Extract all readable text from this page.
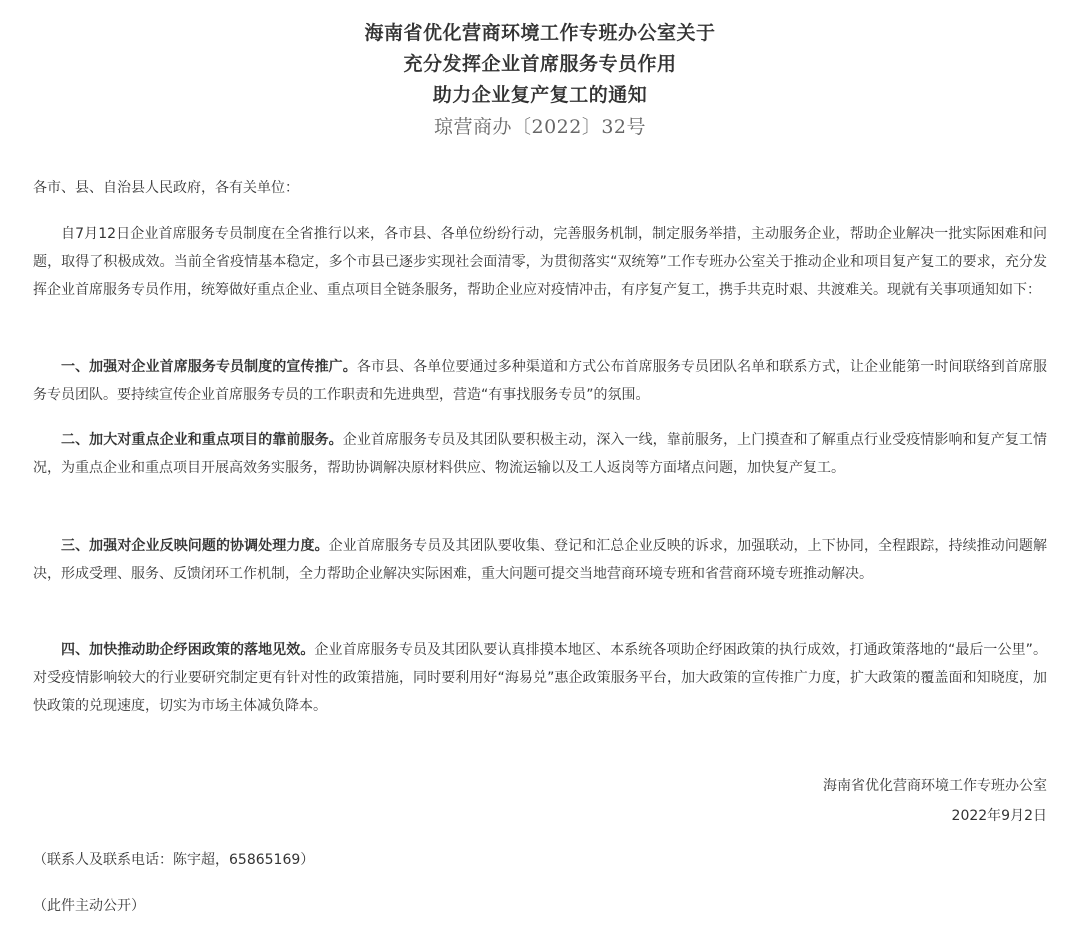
海南省优化营商环境工作专班办公室关于
充分发挥企业首席服务专员作用
助力企业复产复工的通知
琼营商办〔2022〕32号
各市、县、自治县人民政府，各有关单位：

自7月12日企业首席服务专员制度在全省推行以来，各市县、各单位纷纷行动，完善服务机制，制定服务举措，主动服务企业，帮助企业解决一批实际困难和问题，取得了积极成效。当前全省疫情基本稳定，多个市县已逐步实现社会面清零，为贯彻落实“双统筹”工作专班办公室关于推动企业和项目复产复工的要求，充分发挥企业首席服务专员作用，统筹做好重点企业、重点项目全链条服务，帮助企业应对疫情冲击，有序复产复工，携手共克时艰、共渡难关。现就有关事项通知如下：

一、加强对企业首席服务专员制度的宣传推广。各市县、各单位要通过多种渠道和方式公布首席服务专员团队名单和联系方式，让企业能第一时间联络到首席服务专员团队。要持续宣传企业首席服务专员的工作职责和先进典型，营造“有事找服务专员”的氛围。

二、加大对重点企业和重点项目的靠前服务。企业首席服务专员及其团队要积极主动，深入一线，靠前服务，上门摸查和了解重点行业受疫情影响和复产复工情况，为重点企业和重点项目开展高效务实服务，帮助协调解决原材料供应、物流运输以及工人返岗等方面堵点问题，加快复产复工。

三、加强对企业反映问题的协调处理力度。企业首席服务专员及其团队要收集、登记和汇总企业反映的诉求，加强联动，上下协同，全程跟踪，持续推动问题解决，形成受理、服务、反馈闭环工作机制，全力帮助企业解决实际困难，重大问题可提交当地营商环境专班和省营商环境专班推动解决。

四、加快推动助企纾困政策的落地见效。企业首席服务专员及其团队要认真排摸本地区、本系统各项助企纾困政策的执行成效，打通政策落地的“最后一公里”。对受疫情影响较大的行业要研究制定更有针对性的政策措施，同时要利用好“海易兑”惠企政策服务平台，加大政策的宣传推广力度，扩大政策的覆盖面和知晓度，加快政策的兑现速度，切实为市场主体减负降本。

海南省优化营商环境工作专班办公室
2022年9月2日
（联系人及联系电话：陈宇超，65865169）
（此件主动公开）
